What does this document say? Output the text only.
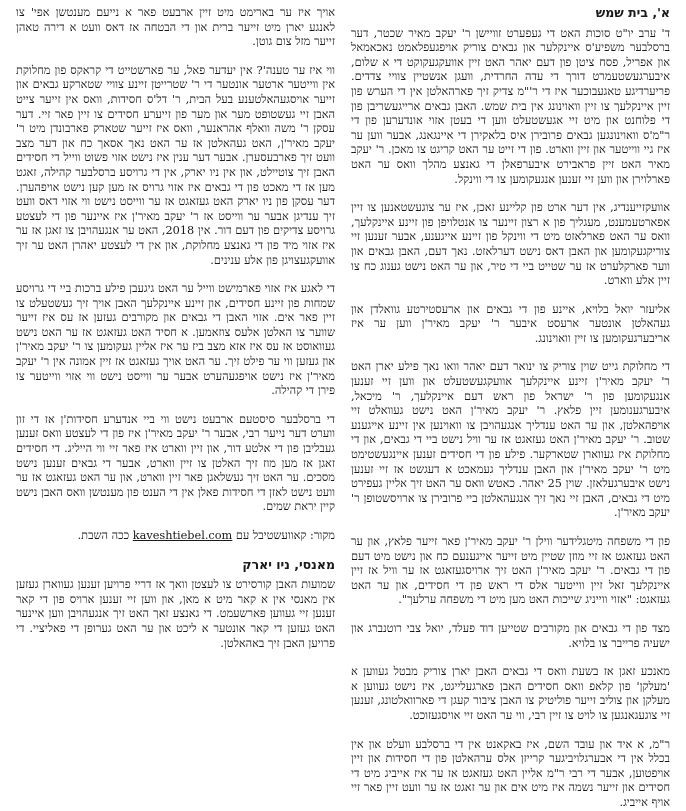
א', בית שמש

ד' ערב יו"ט סוכות האט די געפערט זוויישן ר' יעקב מאיר שכטר, דער ברסלבער משפיע'ס איינקלער און גבאים צוריק אויפגעפלאמט נאכאמאל און אפריל, פסח ציטן פון דעם יאהר האט זיין אוועקגעקוקט די א שלום, איבערגעשטעמרט דורך די עדה החרדית, וועגן אנשטיין צוויי צדדים. פריערדיגע טאגעבוכער איז די ר'"מ צדיק זיך פארהאלטן אין די הערש פון זיין איינקלעך צו זיין וואוינונג אין בית שמש. האבן גבאים ארייגעשריבן פון די פלוחנט און מיט זיי אגעשטעלט ווען די בעטן אזוי אונדערען פון די ר"מ'ס וואוינונגען גבאים פרובירן איס בלאקירן די איינגאנג, אבער ווען ער איז גיי ווייטער און זיין ווארט. פון די זייט ער האט קריגט צו מאכן. ר' יעקב מאיר האט זיין פראבירט איבערפאלן די גאנצע מהלך וואס ער האט פארלוירן און ווען זיי זענען אנגעקומען צו די ווינקל.

אוועקזייענדיג, אין דער ארט פון קליינע זאכן, איז ער צוגעשטאנען צו זיין אפארטעמענט, מעגליך פון א רצון זיינער צו אנטלויפן פון זיינע איינקלעך, וואס ער האט פארלאזט מיט די ווינקל פון זיינע אייגענע, אבער זענען זיי צוריקגעקומען און האבן דאס נישט דערלאזט. נאך דעם, האבן גבאים און ווער פארקלערט אז ער שטייט ביי די טיר, און ער האט נישט גענוג כח צו זיין אלע ווארט.

אליעזר יואל בלויא, איינע פון די גבאים און ארעסטירטע גוואלדן און געהאלטן אונטער ארעסט איבער ר' יעקב מאיר'ן ווען ער איז אריבערגעקומען צו זיין וואוינונג.

די מחלוקת גייט שוין צוריק צו ינואר דעם יאהר וואו נאך פילע יארן האט ר' יעקב מאיר'ן זיינע איינקלעך אוועקגעשטעלט און ווען זיי זענען אנגעקומען פון ר' ישראל פון ראש דעם איינקלעך, ר' מיכאל, איבערגענומען זיין פלאץ. ר' יעקב מאיר'ן האט נישט געוואלט זיי אויפהאלטן, און ער האט ענדליך אנגעהויבן צו וואוינען אין זיינע אייגענע שטוב. ר' יעקב מאיר'ן האט געזאגט אז ער וויל נישט ביי די גבאים, און די מחלוקת איז געווארן שטארקער. פילע פון די חסידים זענען איינגעשטימט מיט ר' יעקב מאיר'ן און האבן ענדליך געמאכט א דעגשט אז זיי זענען נישט איבערגעלאזן. שוין 25 יאהר. כאטש וואס ער האט זיך אליין געפירט מיט די גבאים, האבן זיי נאך זיך אנגעהאלטן ביי פרובירן צו ארויסשטופן ר' יעקב מאיר'ן.

פון די משפחה מיטגלידער ווילן ר' יעקב מאיר'ן פאר זייער פלאץ, און ער האט געזאגט אז זיי מוזן שטיין מיט זייער אייגענעם כח און נישט מיט דעם פון די גבאים. ר' יעקב מאיר'ן האט זיך ארויסגעזאגט אז ער וויל אז זיין איינקלעך זאל זיין ווייטער אלס די ראש פון די חסידים, און ער האט געזאגט: "אזוי ווייניג שייכות האט מען מיט די משפחה ערלעך".

מצד פון די גבאים און מקורבים שטייען דוד פעלד, יואל צבי רוטנברג און ישעיה פרייבר צו בלויא.

מאנכע זאגן אז בשעת וואס די גבאים האבן יארן צוריק מבטל געווען א 'מעלקן' פון קלאפ וואס חסידים האבן פארגעלייגט, איז נישט געווען א מעלקן און צוליב זייער פוליטיק צו האבן ציבור קעגן די פארוואלטונג, זענען זיי צוגעגאנגען צו לויט צו זיין רבי, ווי ער האט זיי אויסגעזוכט.

ר"מ, א איד און עובד השם, איז באקאנט אין די ברסלבע וועלט און אין בכלל אין די אבערגלויביגער קרייזן אלס ערהאלטן פון די חסידות און זיין אויפטוען, אבער די רבי ר"מ אליין האט געזאגט אז ער איז אייביג מיט די חסידים און זייער נשמה איז מיט אים און ער זאגט אז ער וועט זיין פאר זיי אויף אייביג.

אויך איז ער בארימט מיט זיין ארבעט פאר א נייעם מענטשן אפי' צו לאנגע יארן מיט זייער ברית און די הבטחה אז דאס וועט א דירה טאהן זייער מזל צום גוטן.

ווי איז ער טענה'? אין יעדער פאל, ער פארשטייט די קראקס פון מחלוקת אין ווייטער ארטער אונטער די ר' שטרייטן זיינע צוויי שטארקע גבאים און זייער אויסגעהאלטענע בעל הבית, ר' דל'ס חסידות, וואס אין זייער צייט האבן זיי געשטופט מער און מער פון זייערע חסידים צו זיין פאר זיי. דער עסקן ר' משה וואלף אהראנער, וואס איז זייער שטארק פארבונדן מיט ר' יעקב מאיר'ן, האט געהאלטן אז ער האט נאך אסאך כח און דער מצב וועט זיך פארבעסערן. אבער דער ענין איז נישט אזוי פשוט ווייל די חסידים האבן זיך צוטיילט, און אין ניו יארק, אין די גרויסע ברסלבער קהילה, זאגט מען אז די מאכט פון די גבאים איז אזוי גרויס אז מען קען נישט אויפהערן. דער עסקן פון ניו יארק האט געזאגט אז ער ווייסט נישט ווי אזוי דאס וועט זיך ענדיגן אבער ער ווייסט אז ר' יעקב מאיר'ן איז איינער פון די לעצטע גרויסע צדיקים פון דעם דור. אין 2018, האט ער אנגעהויבן צו זאגן אז ער איז אזוי מיד פון די גאנצע מחלוקת, און אין די לעצטע יאהרן האט ער זיך אוועקגעצויגן פון אלע ענינים.

די לאגע איז אזוי פארמישט ווייל ער האט גיגעבן פילע ברכות ביי די גרויסע שמחות פון זיינע חסידים, און זיינע איינקלעך האבן אויך זיך געשטעלט צו זיין פאר אים. אזוי האבן די גבאים און מקורבים געזען אז עס איז זייער שווער צו האלטן אלעס צוזאמען. א חסיד האט געזאגט אז ער האט נישט געוואוסט אז עס איז אזא מצב ביז ער איז אליין געקומען צו ר' יעקב מאיר'ן און געזען ווי ער פילט זיך. ער האט אויך געזאגט אז זיין אמונה אין ר' יעקב מאיר'ן איז נישט אויפגעהערט אבער ער ווייסט נישט ווי אזוי ווייטער צו פירן די קהילה.

די ברסלבער סיסטעם ארבעט נישט ווי ביי אנדערע חסידות'ן אז די זון ווערט דער נייער רבי, אבער ר' יעקב מאיר'ן איז פון די לעצטע וואס זענען געבליבן פון די אלטע דור, און זיין ווארט איז פאר זיי ווי הייליג. די חסידים זאגן אז מען מוז זיך האלטן צו זיין ווארט, אבער די גבאים זענען נישט מסכים. ער האט זיך געשלאגן פאר זיין ווארט, און ער האט געזאגט אז ער וועט נישט לאזן די חסידות פאלן אין די הענט פון מענטשן וואס האבן נישט קיין יראת שמים.

מקור: קאוועשטיבל עם kaveshtiebel.com ככה השבת.

מאנסי, ניו יארק

שמועות האבן קורסירט צו לעצטן וואך אז דריי פרויען זענען געווארן געזען אין מאנסי אין א קאר מיט א מאן, און ווען זיי זענען ארויס פון די קאר זענען זיי געווען פארשעמט. די גאנצע זאך האט זיך אנגעהויבן ווען איינער האט געזען די קאר אונטער א ליכט און ער האט גערופן די פאליציי. די פרויען האבן זיך באהאלטן.
